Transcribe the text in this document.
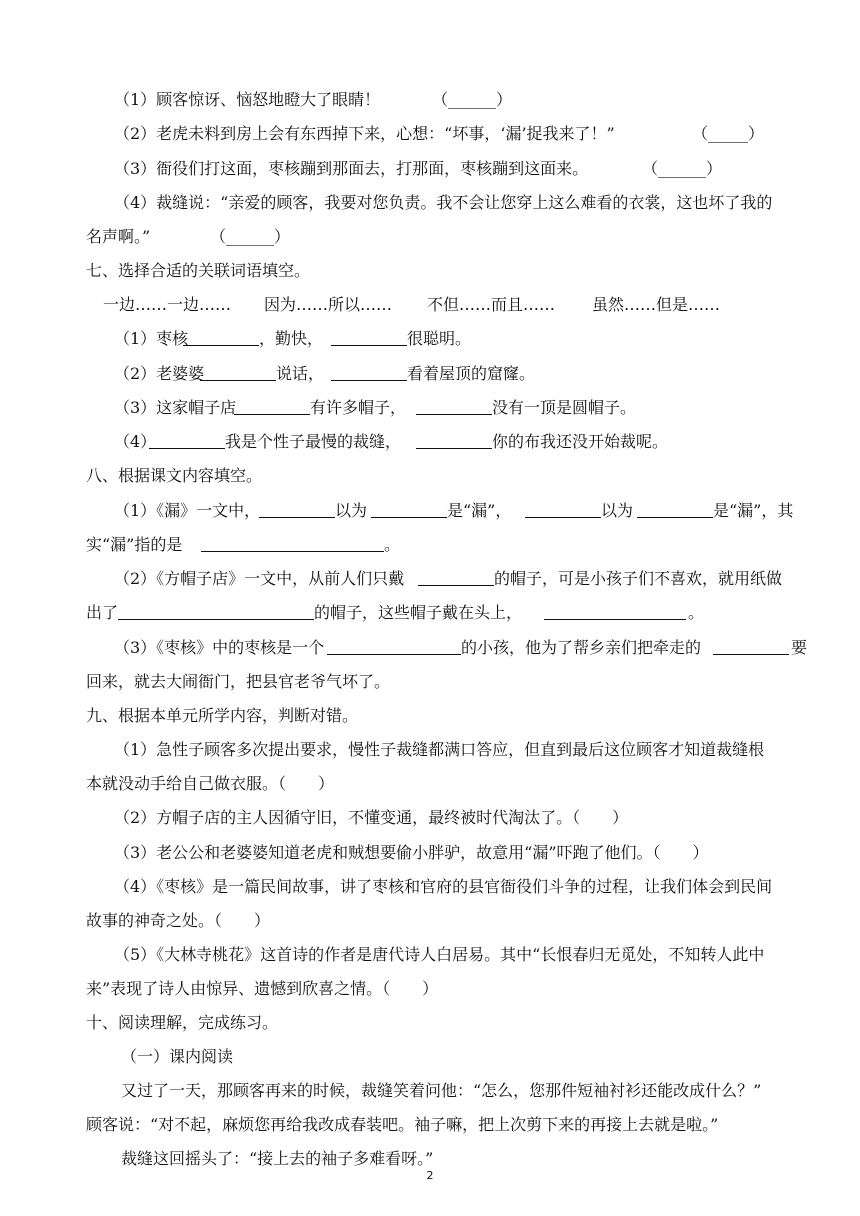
（1）顾客惊讶、恼怒地瞪大了眼睛！	（______）
（2）老虎未料到房上会有东西掉下来，心想：“坏事，‘漏’捉我来了！”	（_____）
（3）衙役们打这面，枣核蹦到那面去，打那面，枣核蹦到这面来。	（______）
（4）裁缝说：“亲爱的顾客，我要对您负责。我不会让您穿上这么难看的衣裳，这也坏了我的
名声啊。”	（______）
七、选择合适的关联词语填空。
一边……一边…… 因为……所以…… 不但……而且…… 虽然……但是……
（1）枣核	，勤快，	很聪明。
（2）老婆婆	说话，	看着屋顶的窟窿。
（3）这家帽子店	有许多帽子，	没有一顶是圆帽子。
（4）	我是个性子最慢的裁缝，	你的布我还没开始裁呢。
八、根据课文内容填空。
（1）《漏》一文中，	以为	是“漏”，	以为	是“漏”，其
实“漏”指的是	。
（2）《方帽子店》一文中，从前人们只戴	的帽子，可是小孩子们不喜欢，就用纸做
出了	的帽子，这些帽子戴在头上，	。
（3）《枣核》中的枣核是一个	的小孩，他为了帮乡亲们把牵走的	要
回来，就去大闹衙门，把县官老爷气坏了。
九、根据本单元所学内容，判断对错。
（1）急性子顾客多次提出要求，慢性子裁缝都满口答应，但直到最后这位顾客才知道裁缝根
本就没动手给自己做衣服。（　　）
（2）方帽子店的主人因循守旧，不懂变通，最终被时代淘汰了。（　　）
（3）老公公和老婆婆知道老虎和贼想要偷小胖驴，故意用“漏”吓跑了他们。（　　）
（4）《枣核》是一篇民间故事，讲了枣核和官府的县官衙役们斗争的过程，让我们体会到民间
故事的神奇之处。（　　）
（5）《大林寺桃花》这首诗的作者是唐代诗人白居易。其中“长恨春归无觅处，不知转人此中
来”表现了诗人由惊异、遗憾到欣喜之情。（　　）
十、阅读理解，完成练习。
（一）课内阅读
又过了一天，那顾客再来的时候，裁缝笑着问他：“怎么，您那件短袖衬衫还能改成什么？”
顾客说：“对不起，麻烦您再给我改成春装吧。袖子嘛，把上次剪下来的再接上去就是啦。”
裁缝这回摇头了：“接上去的袖子多难看呀。”
2
